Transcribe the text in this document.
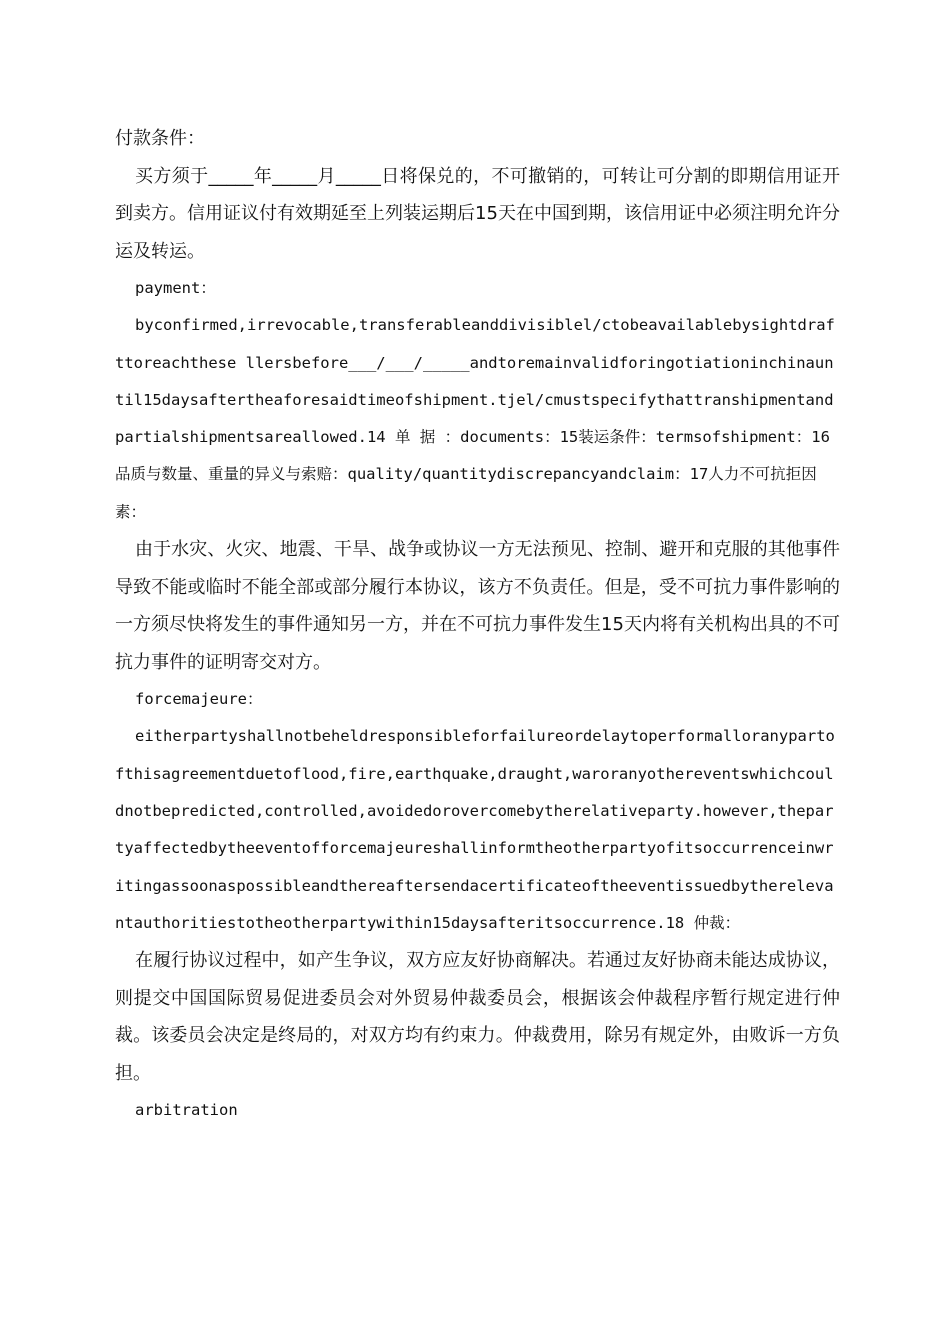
付款条件：

买方须于_____年_____月_____日将保兑的，不可撤销的，可转让可分割的即期信用证开到卖方。信用证议付有效期延至上列装运期后15天在中国到期，该信用证中必须注明允许分运及转运。

payment：

byconfirmed,irrevocable,transferableanddivisiblel/ctobeavailablebysightdrafttoreachthese llersbefore___/___/_____andtoremainvalidforingotiationinchinauntil15daysaftertheaforesaidtimeofshipment.tjel/cmustspecifythattranshipmentandpartialshipmentsareallowed.14 单 据 ：documents：15装运条件：termsofshipment：16品质与数量、重量的异义与索赔：quality/quantitydiscrepancyandclaim：17人力不可抗拒因素：

由于水灾、火灾、地震、干旱、战争或协议一方无法预见、控制、避开和克服的其他事件导致不能或临时不能全部或部分履行本协议，该方不负责任。但是，受不可抗力事件影响的一方须尽快将发生的事件通知另一方，并在不可抗力事件发生15天内将有关机构出具的不可抗力事件的证明寄交对方。

forcemajeure：

eitherpartyshallnotbeheldresponsibleforfailureordelaytoperformalloranypartofthisagreementduetoflood,fire,earthquake,draught,waroranyothereventswhichcouldnotbepredicted,controlled,avoidedorovercomebytherelativeparty.however,thepartyaffectedbytheeventofforcemajeureshallinformtheotherpartyofitsoccurrenceinwritingassoonaspossibleandthereaftersendacertificateoftheeventissuedbytherelevantauthoritiestotheotherpartywithin15daysafteritsoccurrence.18 仲裁：

在履行协议过程中，如产生争议，双方应友好协商解决。若通过友好协商未能达成协议，则提交中国国际贸易促进委员会对外贸易仲裁委员会，根据该会仲裁程序暂行规定进行仲裁。该委员会决定是终局的，对双方均有约束力。仲裁费用，除另有规定外，由败诉一方负担。

arbitration
